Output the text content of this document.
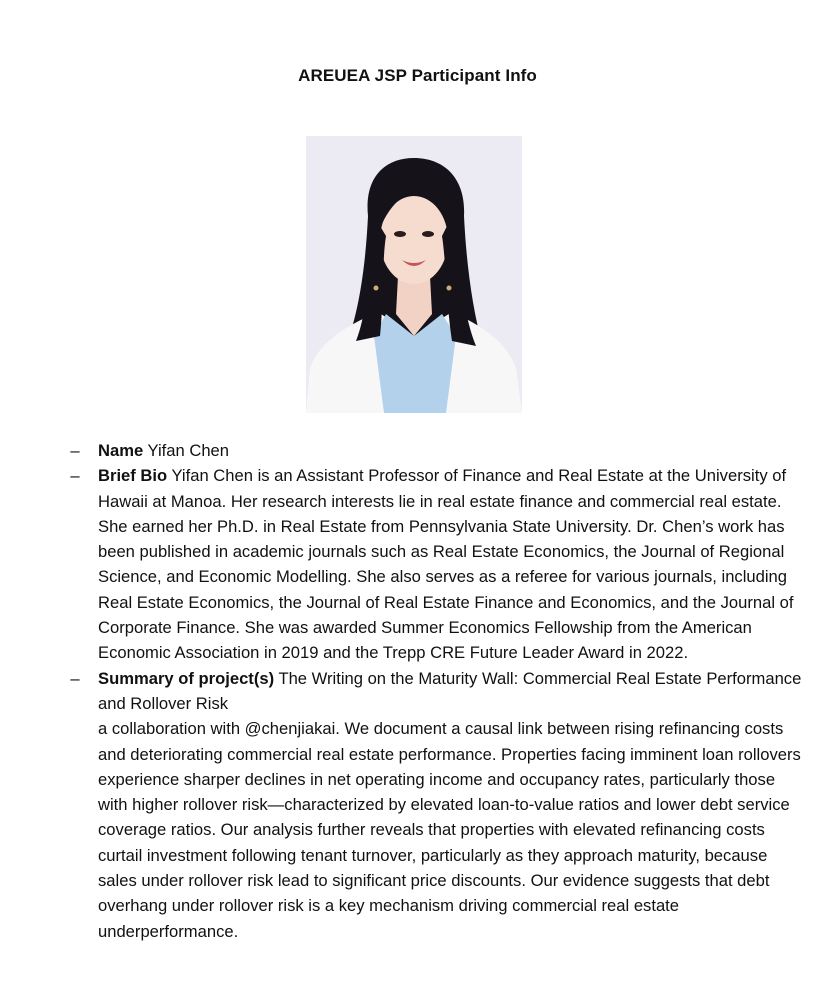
AREUEA JSP Participant Info
– Name Yifan Chen
– Brief Bio Yifan Chen is an Assistant Professor of Finance and Real Estate at the University of Hawaii at Manoa. Her research interests lie in real estate finance and commercial real estate. She earned her Ph.D. in Real Estate from Pennsylvania State University. Dr. Chen’s work has been published in academic journals such as Real Estate Economics, the Journal of Regional Science, and Economic Modelling. She also serves as a referee for various journals, including Real Estate Economics, the Journal of Real Estate Finance and Economics, and the Journal of Corporate Finance. She was awarded Summer Economics Fellowship from the American Economic Association in 2019 and the Trepp CRE Future Leader Award in 2022.
– Summary of project(s) The Writing on the Maturity Wall: Commercial Real Estate Performance and Rollover Risk
a collaboration with @chenjiakai. We document a causal link between rising refinancing costs and deteriorating commercial real estate performance. Properties facing imminent loan rollovers experience sharper declines in net operating income and occupancy rates, particularly those with higher rollover risk—characterized by elevated loan-to-value ratios and lower debt service coverage ratios. Our analysis further reveals that properties with elevated refinancing costs curtail investment following tenant turnover, particularly as they approach maturity, because sales under rollover risk lead to significant price discounts. Our evidence suggests that debt overhang under rollover risk is a key mechanism driving commercial real estate underperformance.
